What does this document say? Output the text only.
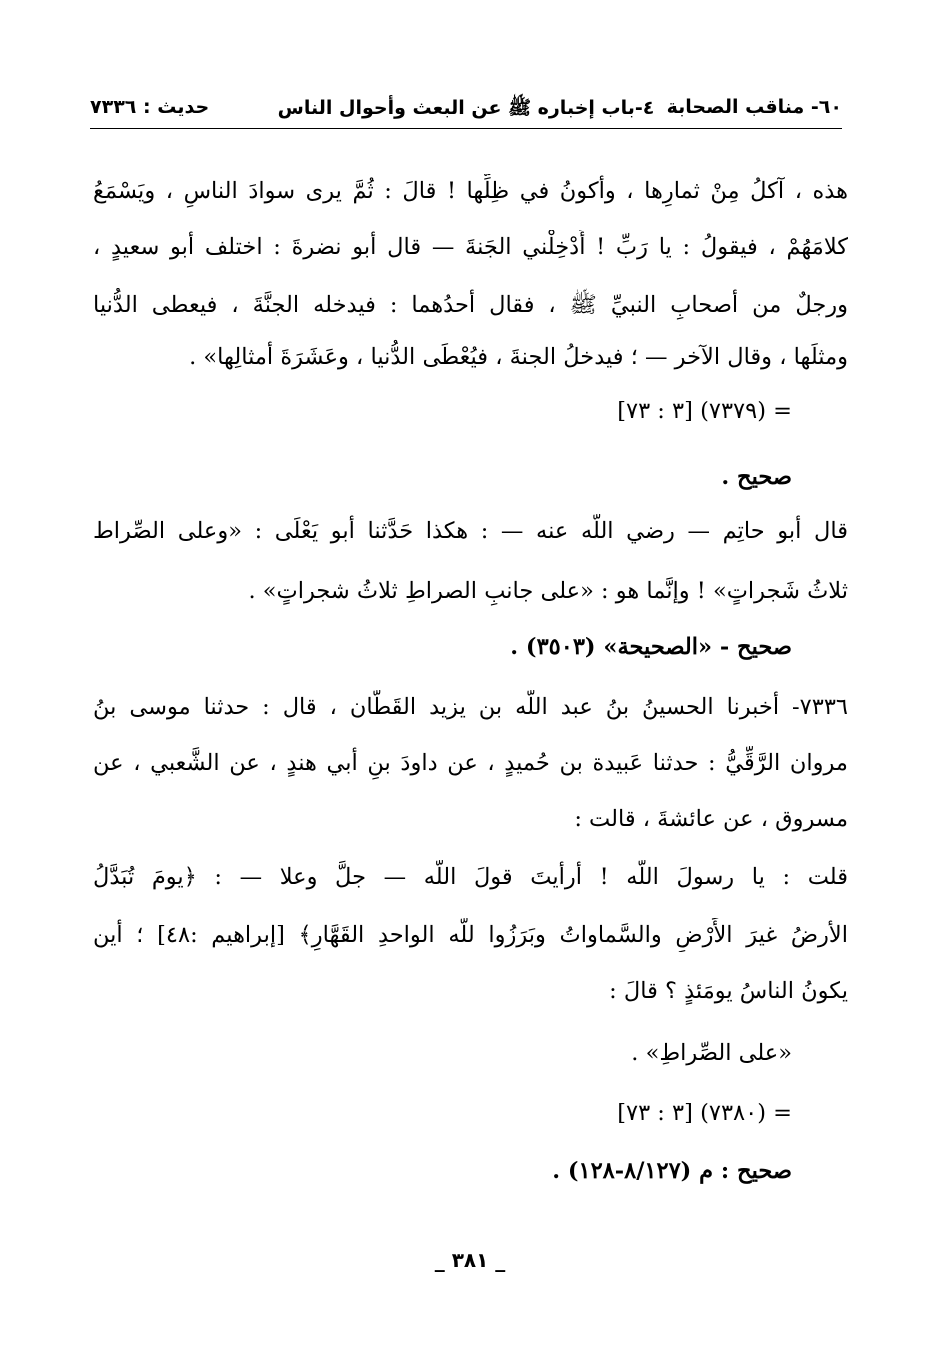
٦٠- مناقب الصحابة
٤-باب إخباره ﷺ عن البعث وأحوال الناس
حديث : ٧٣٣٦
هذه ، آكلُ مِنْ ثمارِها ، وأكونُ في ظِلِّها ! قالَ : ثُمَّ يرى سوادَ الناسِ ، ويَسْمَعُ
كلامَهُمْ ، فيقولُ : يا رَبِّ ! أَدْخِلْني الجَنةَ — قال أبو نضرةَ : اختلف أبو سعيدٍ ،
ورجلٌ من أصحابِ النبيِّ ﷺ ، فقال أحدُهما : فيدخله الجنَّةَ ، فيعطى الدُّنيا
ومثلَها ، وقال الآخر — ؛ فيدخلُ الجنةَ ، فيُعْطَى الدُّنيا ، وعَشَرَةَ أمثالِها» .
= (٧٣٧٩) [٣ : ٧٣]
صحيح .
قال أبو حاتِم — رضي اللّه عنه — : هكذا حَدَّثنا أبو يَعْلَى : «وعلى الصِّراط
ثلاثُ شَجراتٍ» ! وإنَّما هو : «على جانبِ الصراطِ ثلاثُ شجراتٍ» .
صحيح - «الصحيحة» (٣٥٠٣) .
٧٣٣٦- أخبرنا الحسينُ بنُ عبد اللّه بن يزيد القَطَّان ، قال : حدثنا موسى بنُ
مروان الرَّقِّيُّ : حدثنا عَبيدة بن حُميدٍ ، عن داودَ بنِ أبي هندٍ ، عن الشَّعبي ، عن
مسروق ، عن عائشةَ ، قالت :
قلت : يا رسولَ اللّه ! أرأيتَ قولَ اللّه — جلَّ وعلا — : ﴿يومَ تُبَدَّلُ
الأرضُ غيرَ الأَرْضِ والسَّماواتُ وبَرَزُوا للّه الواحدِ القَهَّارِ﴾ [إبراهيم :٤٨] ؛ أين
يكونُ الناسُ يومَئذٍ ؟ قالَ :
«على الصِّراطِ» .
= (٧٣٨٠) [٣ : ٧٣]
صحيح : م (٨/١٢٧-١٢٨) .
_ ٣٨١ _
